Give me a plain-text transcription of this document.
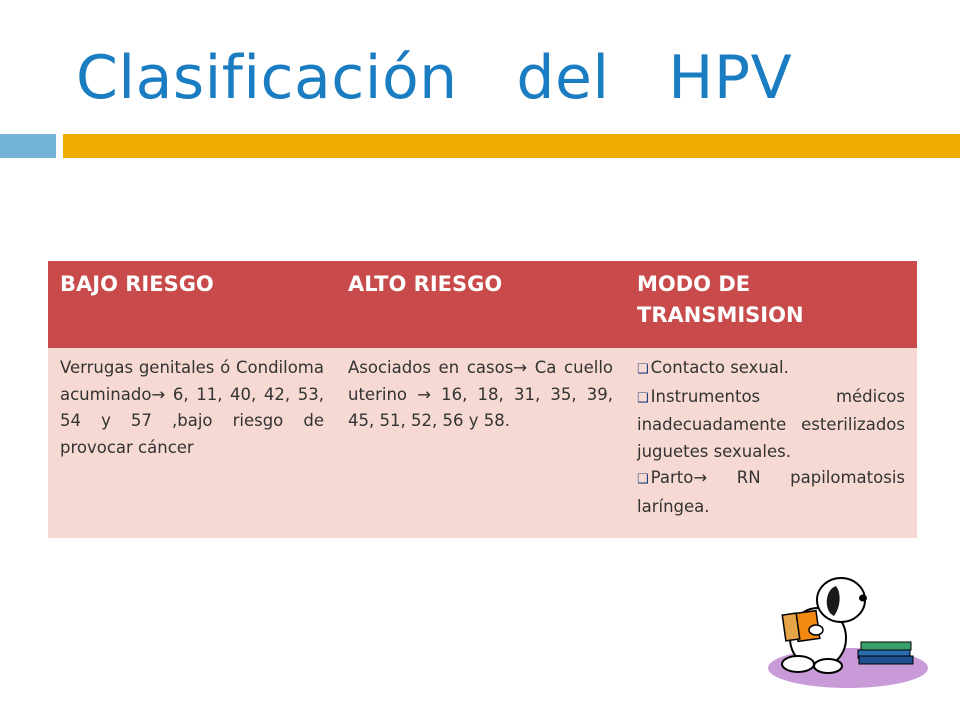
Clasificación   del   HPV
BAJO RIESGO	ALTO RIESGO	MODO DE TRANSMISION
Verrugas genitales ó Condiloma acuminado→ 6, 11, 40, 42, 53, 54 y 57 ,bajo riesgo de provocar cáncer
Asociados en casos→ Ca cuello uterino → 16, 18, 31, 35, 39, 45, 51, 52, 56 y 58.
❑ Contacto sexual.
❑ Instrumentos médicos inadecuadamente esterilizados juguetes sexuales.
❑ Parto→ RN papilomatosis laríngea.
